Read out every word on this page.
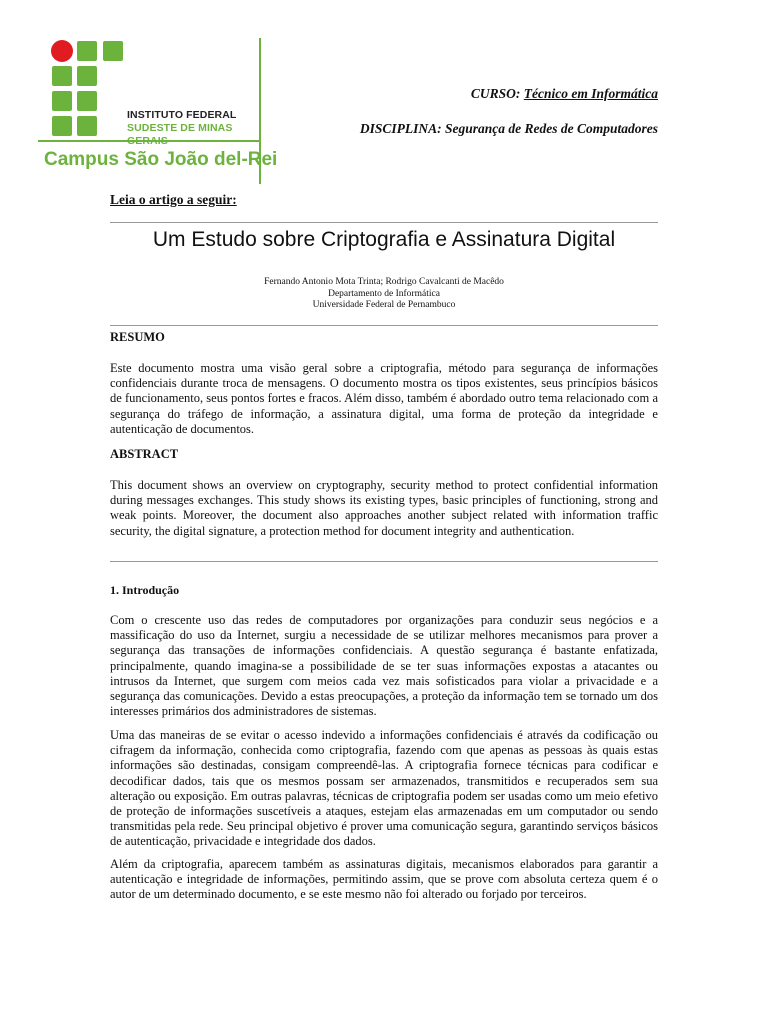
INSTITUTO FEDERAL
SUDESTE DE MINAS
Campus São João del-Rei
CURSO: Técnico em Informática
DISCIPLINA: Segurança de Redes de Computadores
Leia o artigo a seguir:
Um Estudo sobre Criptografia e Assinatura Digital
Fernando Antonio Mota Trinta; Rodrigo Cavalcanti de Macêdo
Departamento de Informática
Universidade Federal de Pernambuco
RESUMO
Este documento mostra uma visão geral sobre a criptografia, método para segurança de informações confidenciais durante troca de mensagens. O documento mostra os tipos existentes, seus princípios básicos de funcionamento, seus pontos fortes e fracos. Além disso, também é abordado outro tema relacionado com a segurança do tráfego de informação, a assinatura digital, uma forma de proteção da integridade e autenticação de documentos.
ABSTRACT
This document shows an overview on cryptography, security method to protect confidential information during messages exchanges. This study shows its existing types, basic principles of functioning, strong and weak points. Moreover, the document also approaches another subject related with information traffic security, the digital signature, a protection method for document integrity and authentication.
1. Introdução
Com o crescente uso das redes de computadores por organizações para conduzir seus negócios e a massificação do uso da Internet, surgiu a necessidade de se utilizar melhores mecanismos para prover a segurança das transações de informações confidenciais. A questão segurança é bastante enfatizada, principalmente, quando imagina-se a possibilidade de se ter suas informações expostas a atacantes ou intrusos da Internet, que surgem com meios cada vez mais sofisticados para violar a privacidade e a segurança das comunicações. Devido a estas preocupações, a proteção da informação tem se tornado um dos interesses primários dos administradores de sistemas.
Uma das maneiras de se evitar o acesso indevido a informações confidenciais é através da codificação ou cifragem da informação, conhecida como criptografia, fazendo com que apenas as pessoas às quais estas informações são destinadas, consigam compreendê-las. A criptografia fornece técnicas para codificar e decodificar dados, tais que os mesmos possam ser armazenados, transmitidos e recuperados sem sua alteração ou exposição. Em outras palavras, técnicas de criptografia podem ser usadas como um meio efetivo de proteção de informações suscetíveis a ataques, estejam elas armazenadas em um computador ou sendo transmitidas pela rede. Seu principal objetivo é prover uma comunicação segura, garantindo serviços básicos de autenticação, privacidade e integridade dos dados.
Além da criptografia, aparecem também as assinaturas digitais, mecanismos elaborados para garantir a autenticação e integridade de informações, permitindo assim, que se prove com absoluta certeza quem é o autor de um determinado documento, e se este mesmo não foi alterado ou forjado por terceiros.
